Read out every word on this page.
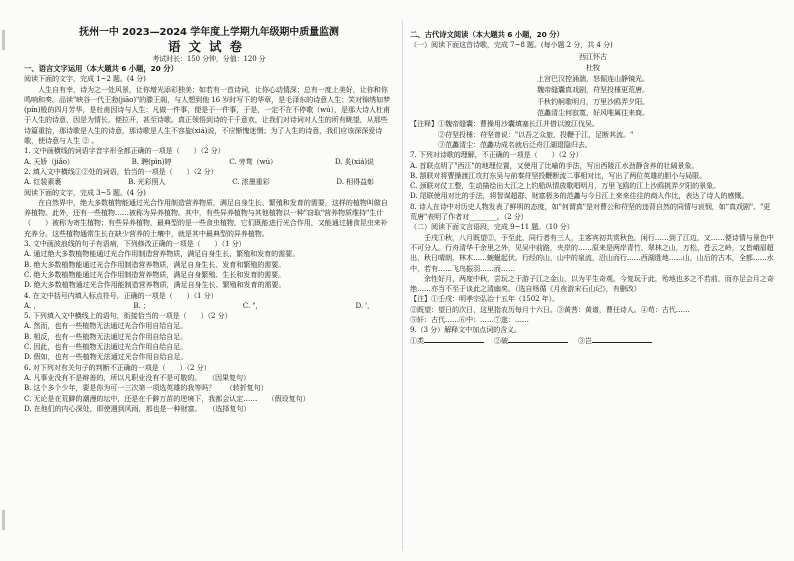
抚州一中 2023—2024 学年度上学期九年级期中质量监测
语文试卷
考试时长：150 分钟，分值：120 分
一、语言文字运用（本大题共 6 小题，20 分）
阅读下面的文字，完成 1~2 题。(4 分)
人生自有幸，诗为之一处风景，让你增光添彩独美；如若有一首诗词，让你心动情深；总有一度上美好，让你和你鸣响和奏。品读"峡谷一代王勃(jiāo)"的滕王阁，与人想到他 16 岁时写下的华章，是毛泽东的诗意人生；笑对锦绣如梦(pín)般的四月芳华，是杜甫因诗与人生：凡做一件事，便是于一件事，于是，一定不在不停歌（wú），是那大诗人杜甫于人生的诗意，因是为情长，便拉开，甚至诗歌。真正领悟到诗的千千意欢，让我们对诗词对人生的所有眺望，从那些诗篇重拾，那诗歌是人生的诗意，那诗歌是人生不容旋(xiá)说，不应惭愧迷惘；为了人生的诗意，我们应该深深爱诗歌，使诗意与人生 ② 。
1. 文中画横线的词语字音字形全都正确的一项是（　　）（2 分）
A. 天娇（jiǎo）	B. 聘(pìn)婷	C. 旁骛（wù）	D. 炙(xiá)说
2. 填入文中横线①②处的词语，恰当的一项是（　　）（2 分）
A. 红装素裹	B. 光彩照人	C. 浓墨重彩	D. 相得益彰
阅读下面的文字，完成 3~5 题。(4 分)
在自然界中，绝大多数植物能通过光合作用制造营养物质，满足自身生长、繁殖和发育的需要，这样的植物叫做自养植物。此外，还有一些植物……被称为异养植物。其中，有些异养植物与其他植物以一种"窃取"营养物质维持"生计（　　）被称为寄生植物；有些异养植物，最典型的是一些食虫植物，它们既能进行光合作用，又能通过捕食昆虫来补充养分。这些植物通常生长在缺少营养的土壤中，就是其中最典型的异养植物。
3. 文中画波浪线的句子有语病，下列修改正确的一项是（　　）（1 分）
A. 通过绝大多数植物能通过光合作用制造营养物质，满足自身生长、繁殖和发育的需要。
B. 绝大多数植物能通过光合作用制造营养物质，满足自身生长、发育和繁殖的需要。
C. 绝大多数植物能通过光合作用制造营养物质，满足自身繁殖、生长和发育的需要。
D. 绝大多数植物通过光合作用能制造营养物质，满足自身生长、繁殖和发育的需要。
4. 在文中括号内填入标点符号，正确的一项是（　　）（1 分）
A. ，	B. ；	C. "，	D. '，
5. 下列填入文中横线上的语句，衔接恰当的一项是（　　）（2 分）
A. 然而，也有一些植物无法通过光合作用自给自足。
B. 相反，也有一些植物无法通过光合作用自给自足。
C. 因此，也有一些植物无法通过光合作用自给自足。
D. 假如，也有一些植物无法通过光合作用自给自足。
6. 对下列对有关句子的判断不正确的一项是（　　）（2 分）
A. 凡事业没有不是辩善的，所以凡职业没有不是可敬的。　　（因果复句）
B. 这个多个少年，要是你为可一三次第一项选英雄的我等吗？　　（转折复句）
C. 无论是在荒僻的潮漫的坛中，还是在千僻万苗的逆境下，我都会认定……　　（假设复句）
D. 在他们的内心深处，即使遇到风雨，那也是一种财富。　　（选择复句）
二、古代诗文阅读（本大题共 6 小题，20 分）
（一）阅读下面这首诗歌，完成 7~8 题。(每小题 2 分，共 4 分)
西江怀古
杜牧
上宫巴汉控涌湍，怒倔连山静镜光。
魏帝缝囊真戏剧，苻坚投棰更荒唐。
千秋钓舸歌明月，万里沙鸥弄夕阳。
范蠡清尘何寂寞，好风唯属往来商。
【注释】①魏帝缝囊：曹操用沙囊填塞长江并借以渡江伐吴。
　　　　②苻坚投棰：苻坚曾说："以吾之众旅，投鞭于江，足断其流。"
　　　　③范蠡清尘：范蠡功成名就后泛舟江湖退隐归去。
7. 下列对诗歌的理解，不正确的一项是（　　）（2 分）
A. 首联点明了"西江"的地理位置，又使用了比喻的手法，写出西陵江水劲静含养的壮阔景象。
B. 颔联对将曹操渡江攻打东吴与前秦苻坚投鞭断流二事相对比，写出了两位英雄的胆小与局限。
C. 颈联对仗工整，生动描绘出大江之上钓船纵情放歌唱明月，万里飞鸥的江上沙鸥挑弄夕阳的景象。
D. 尾联使用对比的手法，将智谋超群、财富极多的范蠡与今日江上来来往往的商人作比，表达了诗人的感慨。
8. 诗人在诗中对历史人物发表了鲜明的态度，如"何谓真"是对曹公和苻坚的违背自然的同情与哀悯，如"真戏剧"、"更荒唐"表明了作者对________。（2 分）
（二）阅读下面文言语段，完成 9~11 题。（10 分）
壬戌①秋，八月既望②，予至此，同行者有三人，主客宾初共赏秋色，闲行……到了江边，又……便诗情与景色中不可分人。行舟清华千余里之外，见吴中前路，夹岸的……原来是两岸青竹，翠林之山，万松、苍云之岭，又皆峨眉超出，秋日晴朗，林木……蜿蜒起伏。行经的山，山中的泉流，沿山而行……西湖胜地……山，山后的古木，全都……水中，若有……飞鸟振羽……而……
余性好月，两度中秋，尝玩之于游子江之金山，以为平生奇观。今复玩于此，殆地也多之不若前，而亦足会月之奇绝……亦当不至于谈此之清幽矣。（选自杨循《月夜游宋石山记》，有删改）
【注】①壬戌：明孝宗弘治十五年（1502 年）。
②既望：望日的次日，这里指农历每月十六日。③黄菩：黄谱，曹任诗人。④苟：古代……
⑤轩：古代……⑥中：……⑦逖：……
9.（3 分）解释文中加点词的含义。
①类	②破	③岂
